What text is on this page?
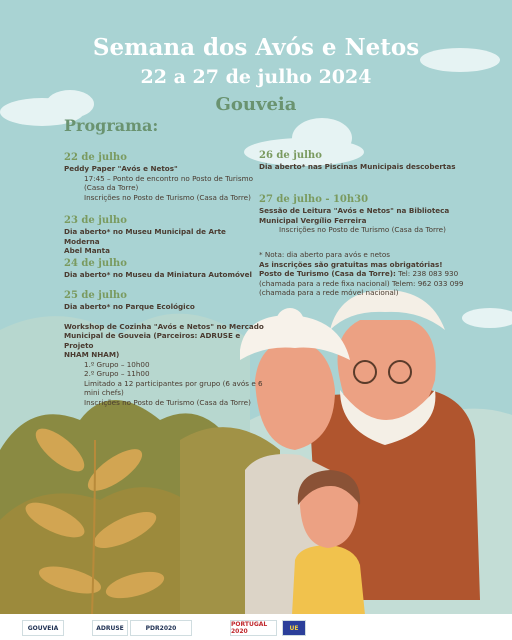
Semana dos Avós e Netos
22 a 27 de julho 2024
Gouveia
Programa:
22 de julho
Peddy Paper "Avós e Netos"
17:45 – Ponto de encontro no Posto de Turismo
(Casa da Torre)
Inscrições no Posto de Turismo (Casa da Torre)
23 de julho
Dia aberto* no Museu Municipal de Arte Moderna
Abel Manta
24 de julho
Dia aberto* no Museu da Miniatura Automóvel
25 de julho
Dia aberto* no Parque Ecológico
Workshop de Cozinha "Avós e Netos" no Mercado
Municipal de Gouveia (Parceiros: ADRUSE e Projeto
NHAM NHAM)
1.º Grupo – 10h00
2.º Grupo – 11h00
Limitado a 12 participantes por grupo (6 avós e 6
mini chefs)
Inscrições no Posto de Turismo (Casa da Torre)
26 de julho
Dia aberto* nas Piscinas Municipais descobertas
27 de julho - 10h30
Sessão de Leitura "Avós e Netos" na Biblioteca
Municipal Vergílio Ferreira
Inscrições no Posto de Turismo (Casa da Torre)
* Nota: dia aberto para avós e netos
As inscrições são gratuitas mas obrigatórias!
Posto de Turismo (Casa da Torre): Tel: 238 083 930
(chamada para a rede fixa nacional) Telem: 962 033 099
(chamada para a rede móvel nacional)
GOUVEIA	ADRUSE	PDR2020	PORTUGAL 2020	UE
